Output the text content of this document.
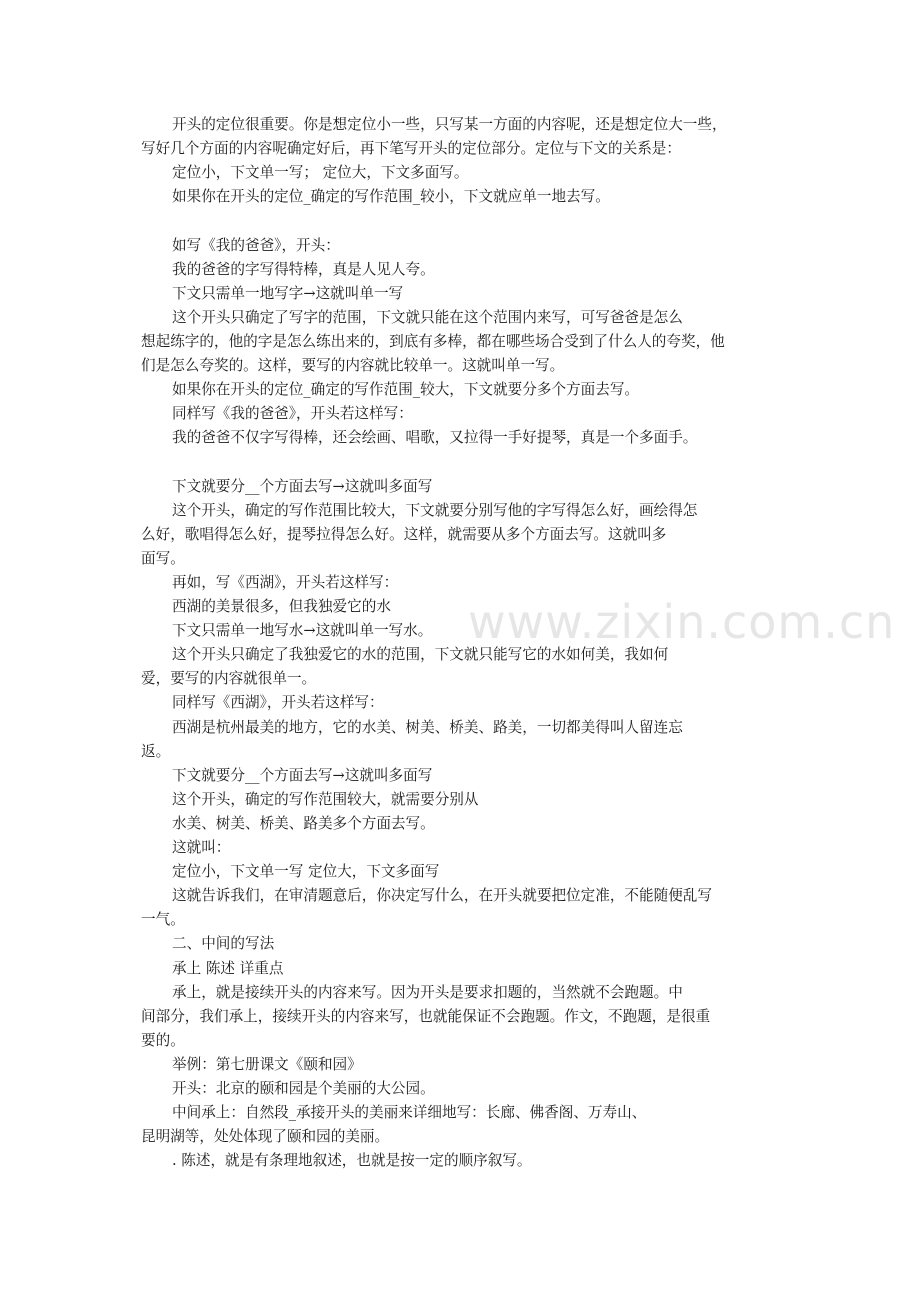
www.zixin.com.cn
开头的定位很重要。你是想定位小一些，只写某一方面的内容呢，还是想定位大一些，
写好几个方面的内容呢确定好后，再下笔写开头的定位部分。定位与下文的关系是：
定位小，下文单一写； 定位大，下文多面写。
如果你在开头的定位_确定的写作范围_较小，下文就应单一地去写。
如写《我的爸爸》，开头：
我的爸爸的字写得特棒，真是人见人夸。
下文只需单一地写字→这就叫单一写
这个开头只确定了写字的范围，下文就只能在这个范围内来写，可写爸爸是怎么
想起练字的，他的字是怎么练出来的，到底有多棒，都在哪些场合受到了什么人的夸奖，他
们是怎么夸奖的。这样，要写的内容就比较单一。这就叫单一写。
如果你在开头的定位_确定的写作范围_较大，下文就要分多个方面去写。
同样写《我的爸爸》，开头若这样写：
我的爸爸不仅字写得棒，还会绘画、唱歌，又拉得一手好提琴，真是一个多面手。
下文就要分__个方面去写→这就叫多面写
这个开头，确定的写作范围比较大，下文就要分别写他的字写得怎么好，画绘得怎
么好，歌唱得怎么好，提琴拉得怎么好。这样，就需要从多个方面去写。这就叫多
面写。
再如，写《西湖》，开头若这样写：
西湖的美景很多，但我独爱它的水
下文只需单一地写水→这就叫单一写水。
这个开头只确定了我独爱它的水的范围，下文就只能写它的水如何美，我如何
爱，要写的内容就很单一。
同样写《西湖》，开头若这样写：
西湖是杭州最美的地方，它的水美、树美、桥美、路美，一切都美得叫人留连忘
返。
下文就要分__个方面去写→这就叫多面写
这个开头，确定的写作范围较大，就需要分别从
水美、树美、桥美、路美多个方面去写。
这就叫：
定位小，下文单一写 定位大，下文多面写
这就告诉我们，在审清题意后，你决定写什么，在开头就要把位定准，不能随便乱写
一气。
二、中间的写法
承上 陈述 详重点
承上，就是接续开头的内容来写。因为开头是要求扣题的，当然就不会跑题。中
间部分，我们承上，接续开头的内容来写，也就能保证不会跑题。作文，不跑题，是很重
要的。
举例：第七册课文《颐和园》
开头：北京的颐和园是个美丽的大公园。
中间承上：自然段_承接开头的美丽来详细地写：长廊、佛香阁、万寿山、
昆明湖等，处处体现了颐和园的美丽。
. 陈述，就是有条理地叙述，也就是按一定的顺序叙写。
